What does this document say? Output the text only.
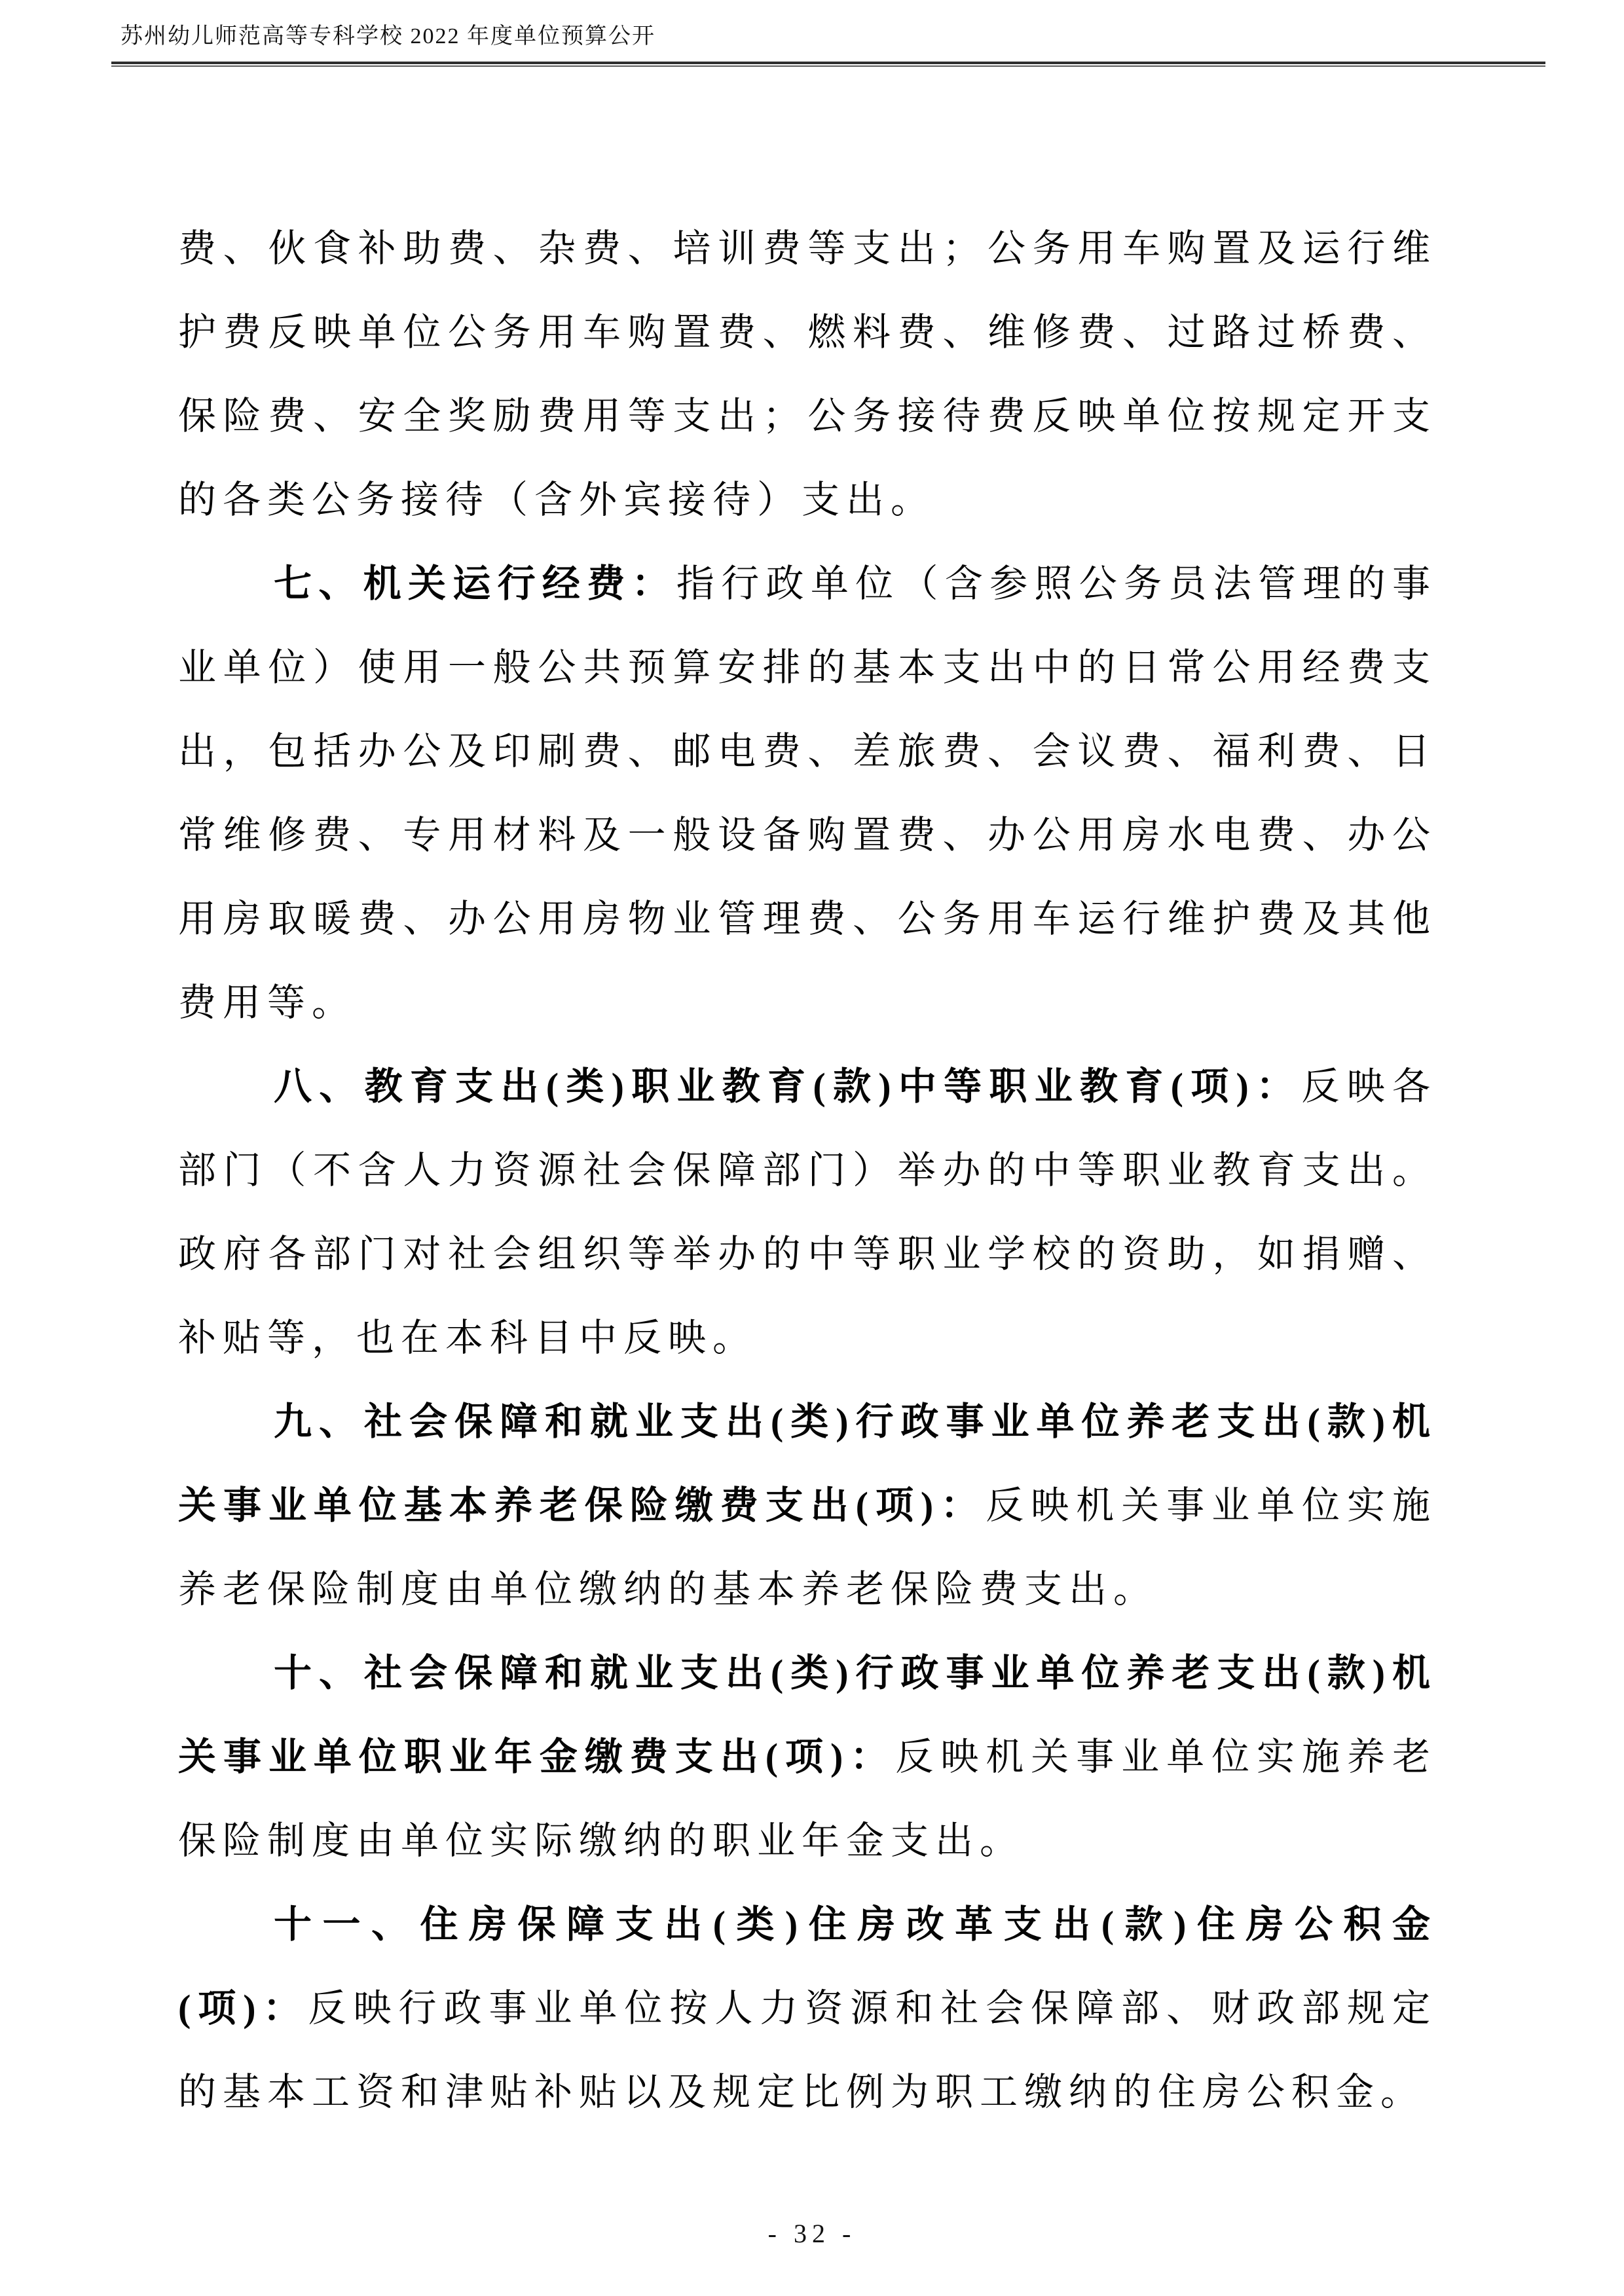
苏州幼儿师范高等专科学校 2022 年度单位预算公开

费、伙食补助费、杂费、培训费等支出；公务用车购置及运行维护费反映单位公务用车购置费、燃料费、维修费、过路过桥费、保险费、安全奖励费用等支出；公务接待费反映单位按规定开支的各类公务接待（含外宾接待）支出。

七、机关运行经费：指行政单位（含参照公务员法管理的事业单位）使用一般公共预算安排的基本支出中的日常公用经费支出，包括办公及印刷费、邮电费、差旅费、会议费、福利费、日常维修费、专用材料及一般设备购置费、办公用房水电费、办公用房取暖费、办公用房物业管理费、公务用车运行维护费及其他费用等。

八、教育支出(类)职业教育(款)中等职业教育(项)：反映各部门（不含人力资源社会保障部门）举办的中等职业教育支出。政府各部门对社会组织等举办的中等职业学校的资助，如捐赠、补贴等，也在本科目中反映。

九、社会保障和就业支出(类)行政事业单位养老支出(款)机关事业单位基本养老保险缴费支出(项)：反映机关事业单位实施养老保险制度由单位缴纳的基本养老保险费支出。

十、社会保障和就业支出(类)行政事业单位养老支出(款)机关事业单位职业年金缴费支出(项)：反映机关事业单位实施养老保险制度由单位实际缴纳的职业年金支出。

十一、住房保障支出(类)住房改革支出(款)住房公积金(项)：反映行政事业单位按人力资源和社会保障部、财政部规定的基本工资和津贴补贴以及规定比例为职工缴纳的住房公积金。

- 32 -
